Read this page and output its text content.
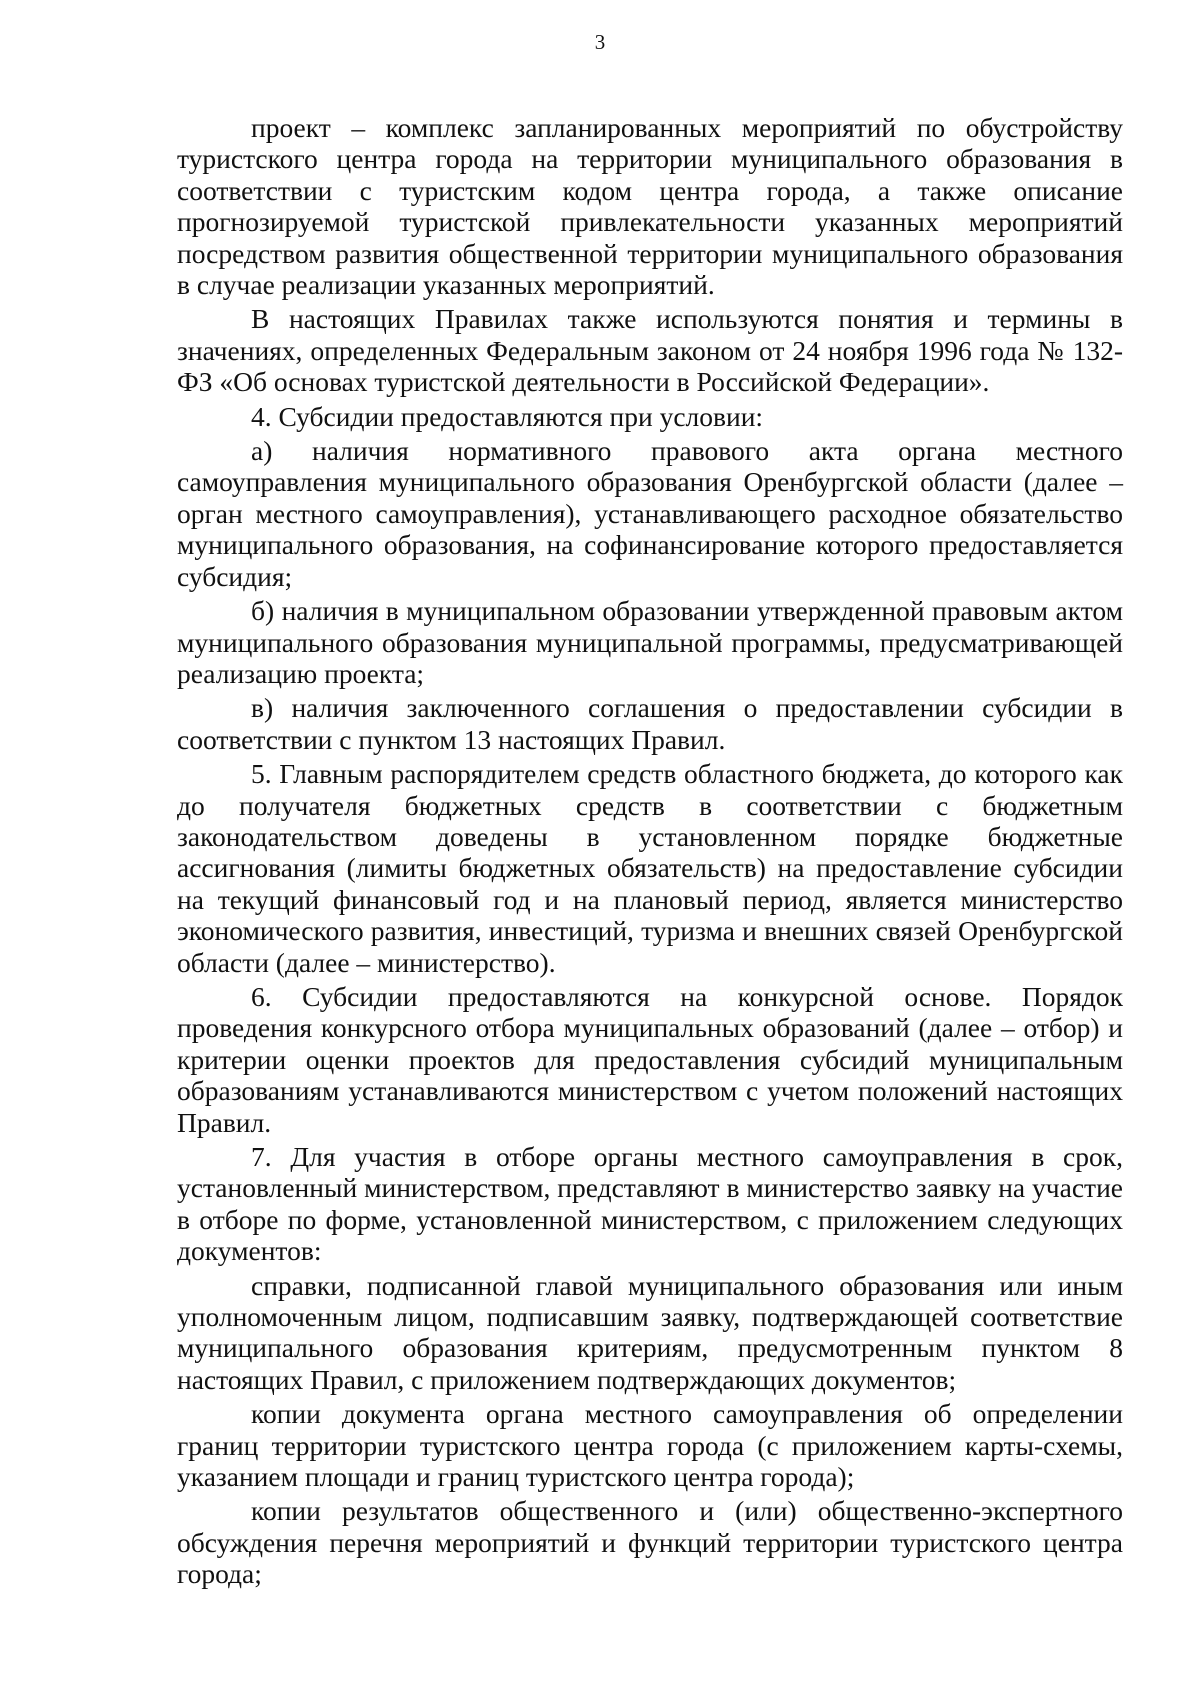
3

проект – комплекс запланированных мероприятий по обустройству туристского центра города на территории муниципального образования в соответствии с туристским кодом центра города, а также описание прогнозируемой туристской привлекательности указанных мероприятий посредством развития общественной территории муниципального образования в случае реализации указанных мероприятий.

В настоящих Правилах также используются понятия и термины в значениях, определенных Федеральным законом от 24 ноября 1996 года № 132-ФЗ «Об основах туристской деятельности в Российской Федерации».

4. Субсидии предоставляются при условии:

а) наличия нормативного правового акта органа местного самоуправления муниципального образования Оренбургской области (далее – орган местного самоуправления), устанавливающего расходное обязательство муниципального образования, на софинансирование которого предоставляется субсидия;

б) наличия в муниципальном образовании утвержденной правовым актом муниципального образования муниципальной программы, предусматривающей реализацию проекта;

в) наличия заключенного соглашения о предоставлении субсидии в соответствии с пунктом 13 настоящих Правил.

5. Главным распорядителем средств областного бюджета, до которого как до получателя бюджетных средств в соответствии с бюджетным законодательством доведены в установленном порядке бюджетные ассигнования (лимиты бюджетных обязательств) на предоставление субсидии на текущий финансовый год и на плановый период, является министерство экономического развития, инвестиций, туризма и внешних связей Оренбургской области (далее – министерство).

6. Субсидии предоставляются на конкурсной основе. Порядок проведения конкурсного отбора муниципальных образований (далее – отбор) и критерии оценки проектов для предоставления субсидий муниципальным образованиям устанавливаются министерством с учетом положений настоящих Правил.

7. Для участия в отборе органы местного самоуправления в срок, установленный министерством, представляют в министерство заявку на участие в отборе по форме, установленной министерством, с приложением следующих документов:

справки, подписанной главой муниципального образования или иным уполномоченным лицом, подписавшим заявку, подтверждающей соответствие муниципального образования критериям, предусмотренным пунктом 8 настоящих Правил, с приложением подтверждающих документов;

копии документа органа местного самоуправления об определении границ территории туристского центра города (с приложением карты-схемы, указанием площади и границ туристского центра города);

копии результатов общественного и (или) общественно-экспертного обсуждения перечня мероприятий и функций территории туристского центра города;
